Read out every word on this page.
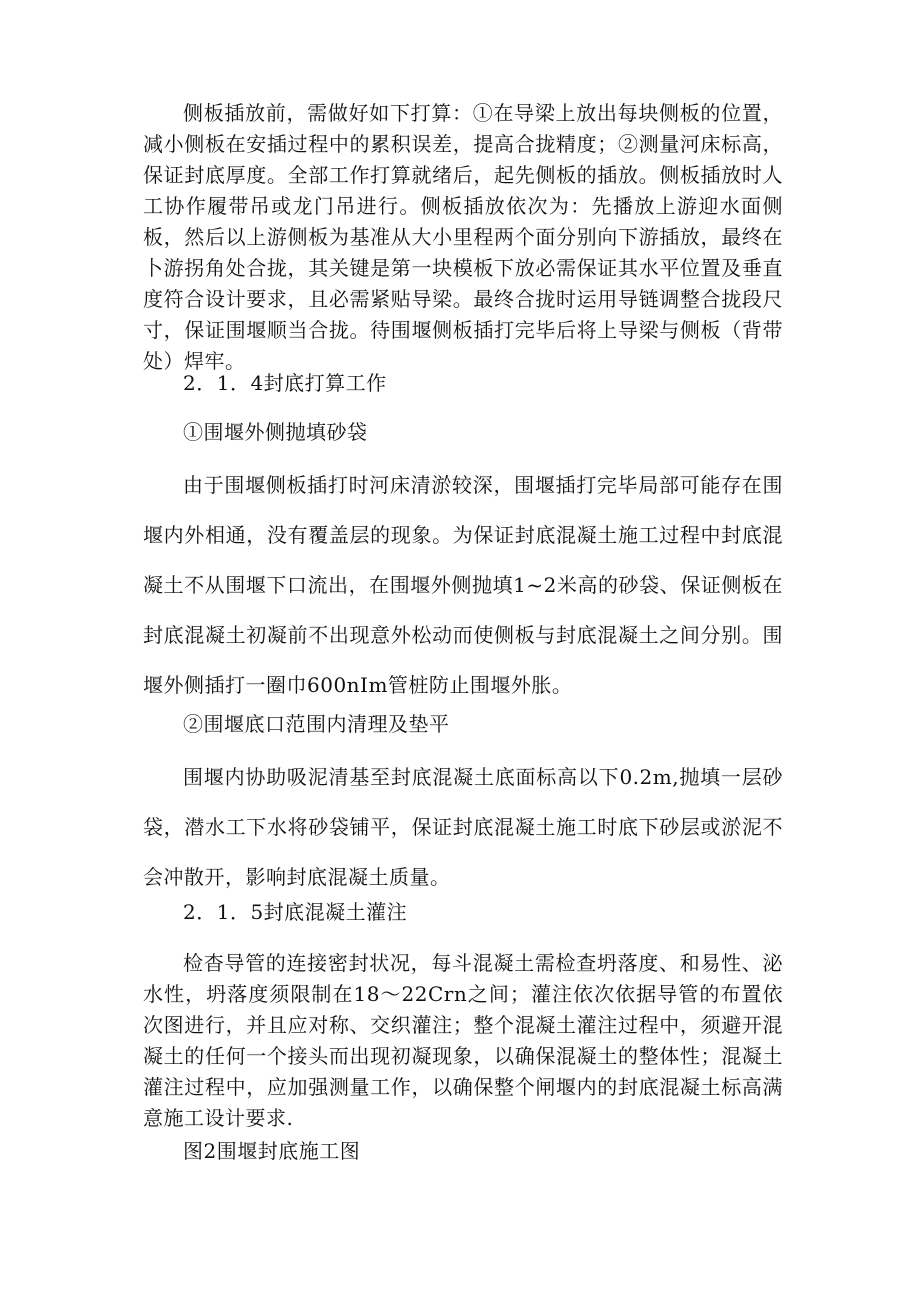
侧板插放前，需做好如下打算：①在导梁上放出每块侧板的位置，减小侧板在安插过程中的累积误差，提高合拢精度；②测量河床标高，保证封底厚度。全部工作打算就绪后，起先侧板的插放。侧板插放时人工协作履带吊或龙门吊进行。侧板插放依次为：先播放上游迎水面侧板，然后以上游侧板为基准从大小里程两个面分别向下游插放，最终在卜游拐角处合拢，其关键是第一块模板下放必需保证其水平位置及垂直度符合设计要求，且必需紧贴导梁。最终合拢时运用导链调整合拢段尺寸，保证围堰顺当合拢。待围堰侧板插打完毕后将上导梁与侧板（背带处）焊牢。

2．1．4封底打算工作

①围堰外侧抛填砂袋

由于围堰侧板插打时河床清淤较深，围堰插打完毕局部可能存在围堰内外相通，没有覆盖层的现象。为保证封底混凝土施工过程中封底混凝土不从围堰下口流出，在围堰外侧抛填1~2米高的砂袋、保证侧板在封底混凝土初凝前不出现意外松动而使侧板与封底混凝土之间分别。围堰外侧插打一圈巾600nIm管桩防止围堰外胀。

②围堰底口范围内清理及垫平

围堰内协助吸泥清基至封底混凝土底面标高以下0.2m,抛填一层砂袋，潜水工下水将砂袋铺平，保证封底混凝土施工时底下砂层或淤泥不会冲散开，影响封底混凝土质量。

2．1．5封底混凝土灌注

检杳导管的连接密封状况，每斗混凝土需检查坍落度、和易性、泌水性，坍落度须限制在18～22Crn之间；灌注依次依据导管的布置依次图进行，并且应对称、交织灌注；整个混凝土灌注过程中，须避开混凝土的任何一个接头而出现初凝现象，以确保混凝土的整体性；混凝土灌注过程中，应加强测量工作，以确保整个闸堰内的封底混凝土标高满意施工设计要求.

图2围堰封底施工图
